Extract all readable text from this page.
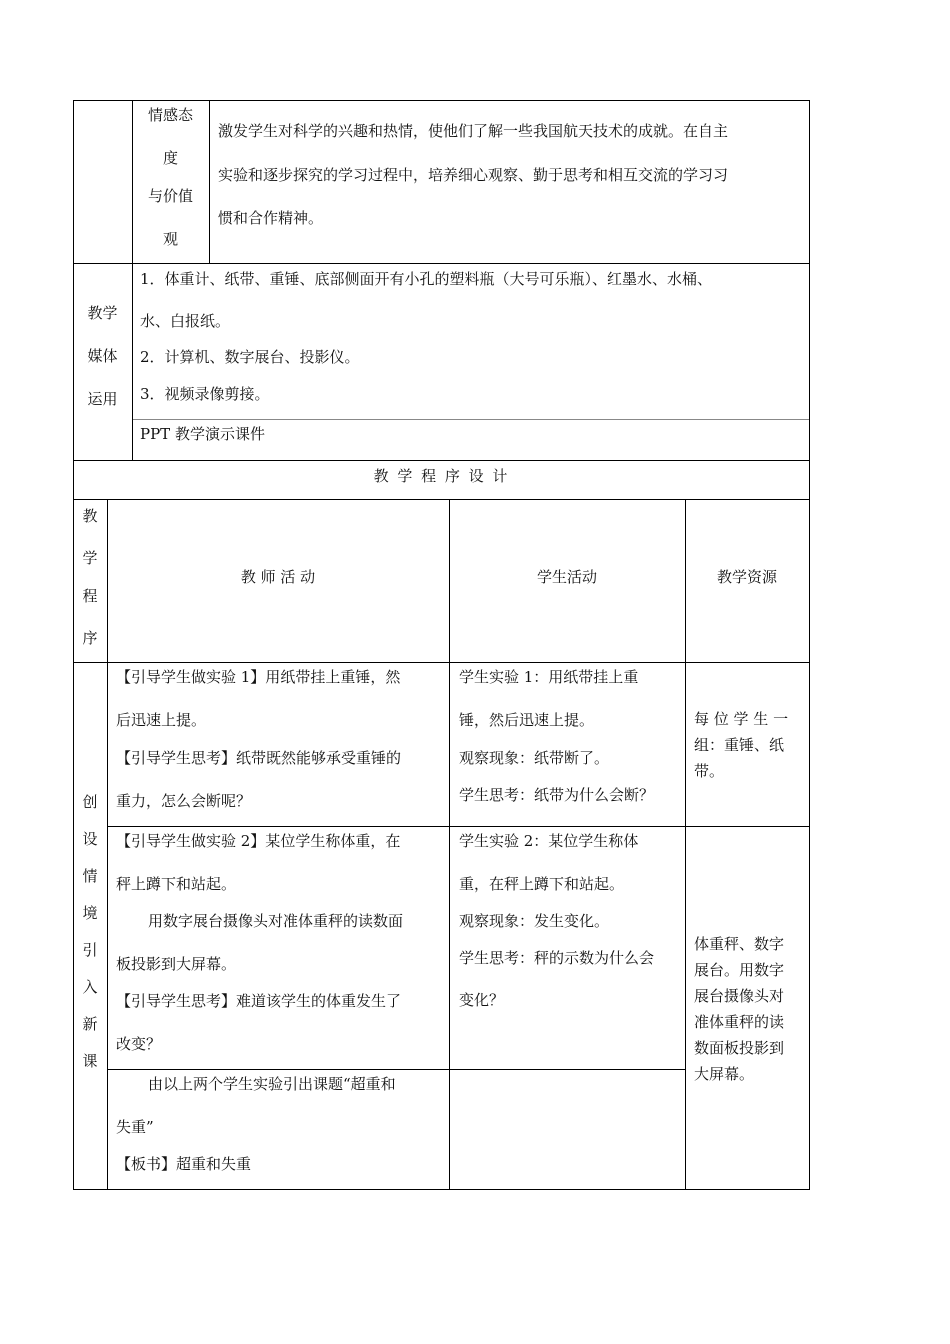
情感态
度
与价值
观
激发学生对科学的兴趣和热情，使他们了解一些我国航天技术的成就。在自主
实验和逐步探究的学习过程中，培养细心观察、勤于思考和相互交流的学习习
惯和合作精神。
教学
媒体
运用
1．体重计、纸带、重锤、底部侧面开有小孔的塑料瓶（大号可乐瓶）、红墨水、水桶、
水、白报纸。
2．计算机、数字展台、投影仪。
3．视频录像剪接。
PPT 教学演示课件
教 学 程 序 设 计
教
学
程
序
教 师 活 动	学生活动	教学资源
创
设
情
境
引
入
新
课
【引导学生做实验 1】用纸带挂上重锤，然
后迅速上提。
【引导学生思考】纸带既然能够承受重锤的
重力，怎么会断呢？
学生实验 1：用纸带挂上重
锤，然后迅速上提。
观察现象：纸带断了。
学生思考：纸带为什么会断？
每 位 学 生 一
组：重锤、纸
带。
【引导学生做实验 2】某位学生称体重，在
秤上蹲下和站起。
用数字展台摄像头对准体重秤的读数面
板投影到大屏幕。
【引导学生思考】难道该学生的体重发生了
改变？
学生实验 2：某位学生称体
重，在秤上蹲下和站起。
观察现象：发生变化。
学生思考：秤的示数为什么会
变化？
体重秤、数字
展台。用数字
展台摄像头对
准体重秤的读
数面板投影到
大屏幕。
由以上两个学生实验引出课题“超重和
失重”
【板书】超重和失重
